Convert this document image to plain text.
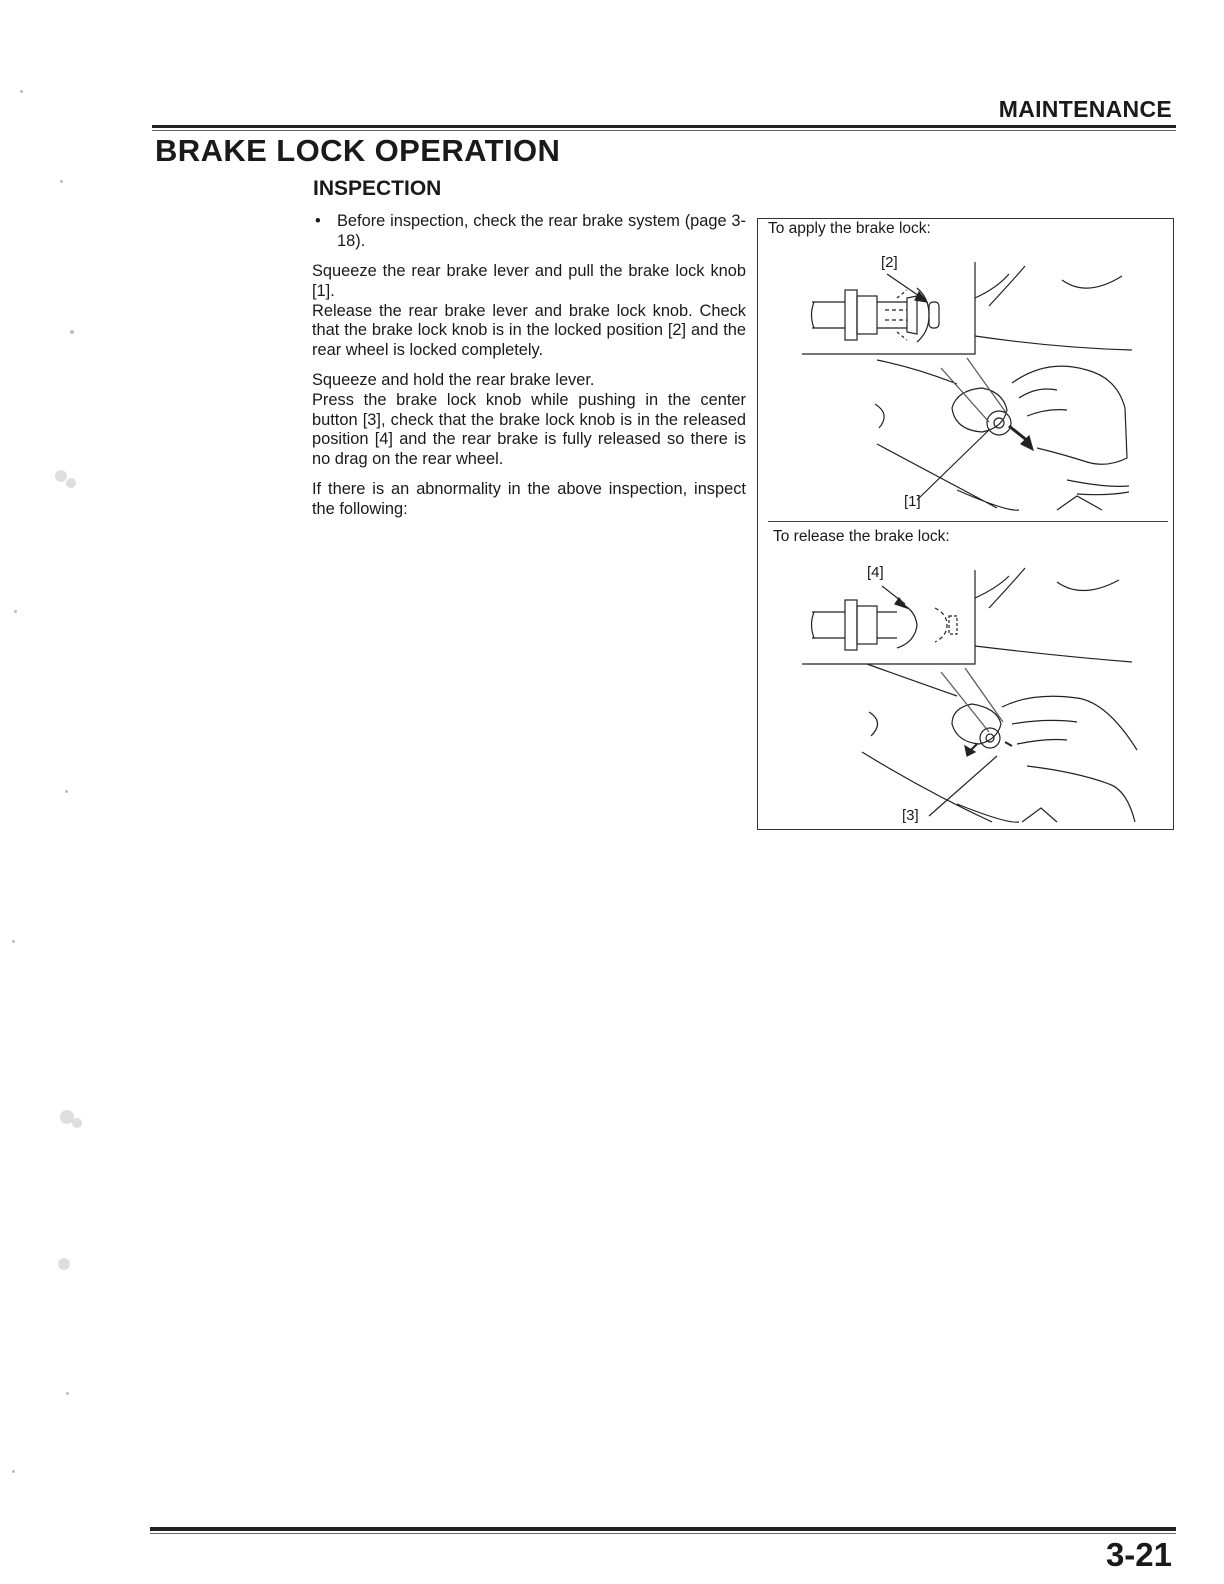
MAINTENANCE
BRAKE LOCK OPERATION
INSPECTION
• Before inspection, check the rear brake system (page 3-18).

Squeeze the rear brake lever and pull the brake lock knob [1].
Release the rear brake lever and brake lock knob. Check that the brake lock knob is in the locked position [2] and the rear wheel is locked completely.

Squeeze and hold the rear brake lever.
Press the brake lock knob while pushing in the center button [3], check that the brake lock knob is in the released position [4] and the rear brake is fully released so there is no drag on the rear wheel.

If there is an abnormality in the above inspection, inspect the following:

To apply the brake lock:
To release the brake lock:
[2]
[1]
[4]
[3]
3-21
